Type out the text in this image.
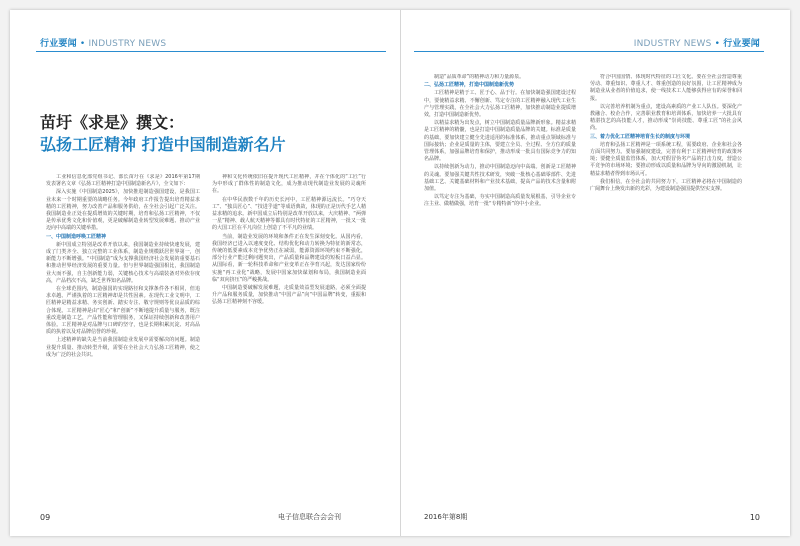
行业要闻 • INDUSTRY NEWS	INDUSTRY NEWS • 行业要闻
苗圩《求是》撰文：
弘扬工匠精神 打造中国制造新名片
工业和信息化部党组书记、部长苗圩在《求是》2016年第17期发表署名文章《弘扬工匠精神打造中国制造新名片》，全文如下：
深入实施《中国制造2025》，加快推进制造强国建设，是我国工业未来一个时期重要的战略任务。今年政府工作报告提出培育精益求精的工匠精神，努力改善产品和服务供给，在全社会引起广泛关注。我国制造业正处在提质增效的关键时期，培育和弘扬工匠精神，不仅是传承优秀文化和价值观，更是破解制造业转型发展难题、推动产业迈向中高端的关键举措。
一、中国制造呼唤工匠精神
新中国成立特别是改革开放以来，我国制造业持续快速发展，建成了门类齐全、独立完整的工业体系，制造业规模跃居世界第一，创新能力不断增强。“中国制造”成为支撑我国经济社会发展的重要基石和推动世界经济发展的重要力量。但与世界制造强国相比，我国制造业大而不强，自主创新能力弱，关键核心技术与高端装备对外依存度高，产品档次不高，缺乏世界知名品牌。
在全球范围内，制造强国的实现路径和支撑条件各不相同，但追求卓越、严谨执着的工匠精神却是共性因素。在现代工业文明中，工匠精神是精益求精、务实创新、踏实专注、敬守规则等优良品质的综合体现。工匠精神是由“匠心”和“创新”不断地提升质量与服务，既注重改进制造工艺，产品性能和管理服务，又保证持续创新和改善用户体验。工匠精神是对品牌与口碑的坚守，也是长期积累沉淀、对高品质的执着以及对品牌信誉的珍视。
上述精神的缺失是当前我国制造业发展中需要解决的问题。制造业提升质量、推动转型升级，需要在全社会大力弘扬工匠精神，使之成为广泛的社会共识。
神和文化传统依旧在提升现代工匠精神，并在个体化的“工匠”行为中形成了群体性的制造文化，成为推动现代制造业发展的灵魂所在。
在中华民族数千年的历史长河中，工匠精神源远流长。“巧夺天工”、“独具匠心”、“技进乎道”等成语典故，体现的正是历代手艺人精益求精的追求。新中国成立后特别是改革开放以来，大庆精神、“两弹一星”精神、载人航天精神等都具有时代特征的工匠精神，一批又一批的大国工匠在平凡岗位上创造了不平凡的业绩。
当前，制造业发展的环境和条件正在发生深刻变化。从国内看，我国经济已进入以速度变化、结构优化和动力转换为特征的新常态，传统的低要素成本竞争优势正在减弱，能源资源环境约束不断强化，部分行业产能过剩问题突出，产品质量和品牌建设的短板日益凸显。从国际看，新一轮科技革命和产业变革正在孕育兴起，发达国家纷纷实施“再工业化”战略，发展中国家加快谋划和布局，我国制造业面临“双向挤压”的严峻挑战。
中国制造要破解发展难题，走质量效益型发展道路，必须全面提升产品和服务质量，加快推动“中国产品”向“中国品牌”转变，重振和弘扬工匠精神刻不容缓。
制造“品质革命”的精神动力和力量源泉。
二、弘扬工匠精神，打造中国制造新优势
工匠精神是精于工、匠于心、品于行。在加快制造强国建设过程中，要使精益求精、不懈创新、笃定专注的工匠精神融入现代工业生产与管理实践，在全社会大力弘扬工匠精神，加快推动制造业提质增效，打造中国制造新优势。
以精益求精为出发点，树立中国制造质量品牌新形象。精益求精是工匠精神的精髓，也是打造中国制造质量品牌的关键。标准是质量的基础，要加快建立健全先进适用的标准体系，推动重点领域标准与国际接轨；企业是质量的主体，要建立全员、全过程、全方位的质量管理体系，加强品牌培育和保护，推动形成一批具有国际竞争力的知名品牌。
以持续创新为动力，推动中国制造迈向中高端。创新是工匠精神的灵魂。要加强关键共性技术研发，突破一批核心基础零部件、先进基础工艺、关键基础材料和产业技术基础，提高产品的技术含量和附加值。
以笃定专注为基础，夯实中国制造高质量发展根基，引导企业专注主业、做精做强，培育一批“专精特新”的中小企业。
符合中国国情、体现时代特征的工匠文化。要在全社会营造尊重劳动、尊重知识、尊重人才、尊重创造的良好氛围，让工匠精神成为制造业从业者的价值追求，使一线技术工人能够获得应有的荣誉和回报。
以完善培养机制为重点，建设高素质的产业工人队伍。要深化产教融合、校企合作，完善职业教育和培训体系，加快培养一大批具有精湛技艺的高技能人才，推动形成“崇尚技能、尊重工匠”的社会风尚。
三、着力优化工匠精神培育生长的制度与环境
培育和弘扬工匠精神是一项系统工程，需要政府、企业和社会各方面共同努力。要加强制度建设，完善有利于工匠精神培育的政策环境；要健全质量监管体系，加大对假冒伪劣产品的打击力度，营造公平竞争的市场环境；要推动形成以质量和品牌为导向的激励机制，让精益求精者得到市场认可。
我们相信，在全社会的共同努力下，工匠精神必将在中国制造的广阔舞台上焕发出新的光彩，为建设制造强国提供坚实支撑。
09	电子信息联合会会刊	2016年第8期	10
